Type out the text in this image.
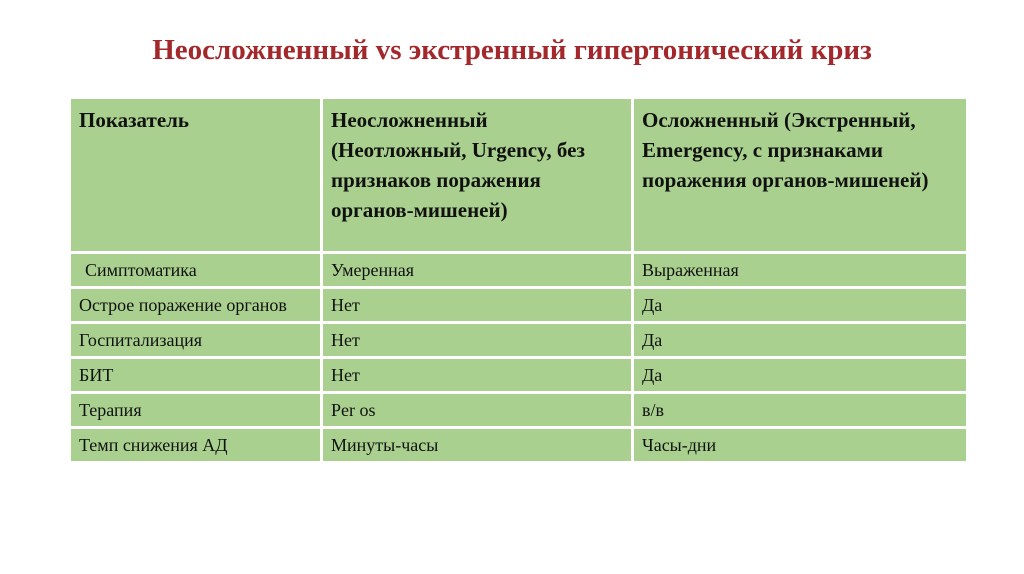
Неосложненный vs экстренный гипертонический криз
Показатель	Неосложненный (Неотложный, Urgency, без признаков поражения органов-мишеней)	Осложненный (Экстренный, Emergency, с признаками поражения органов-мишеней)
Симптоматика	Умеренная	Выраженная
Острое поражение органов	Нет	Да
Госпитализация	Нет	Да
БИТ	Нет	Да
Терапия	Per os	в/в
Темп снижения АД	Минуты-часы	Часы-дни
